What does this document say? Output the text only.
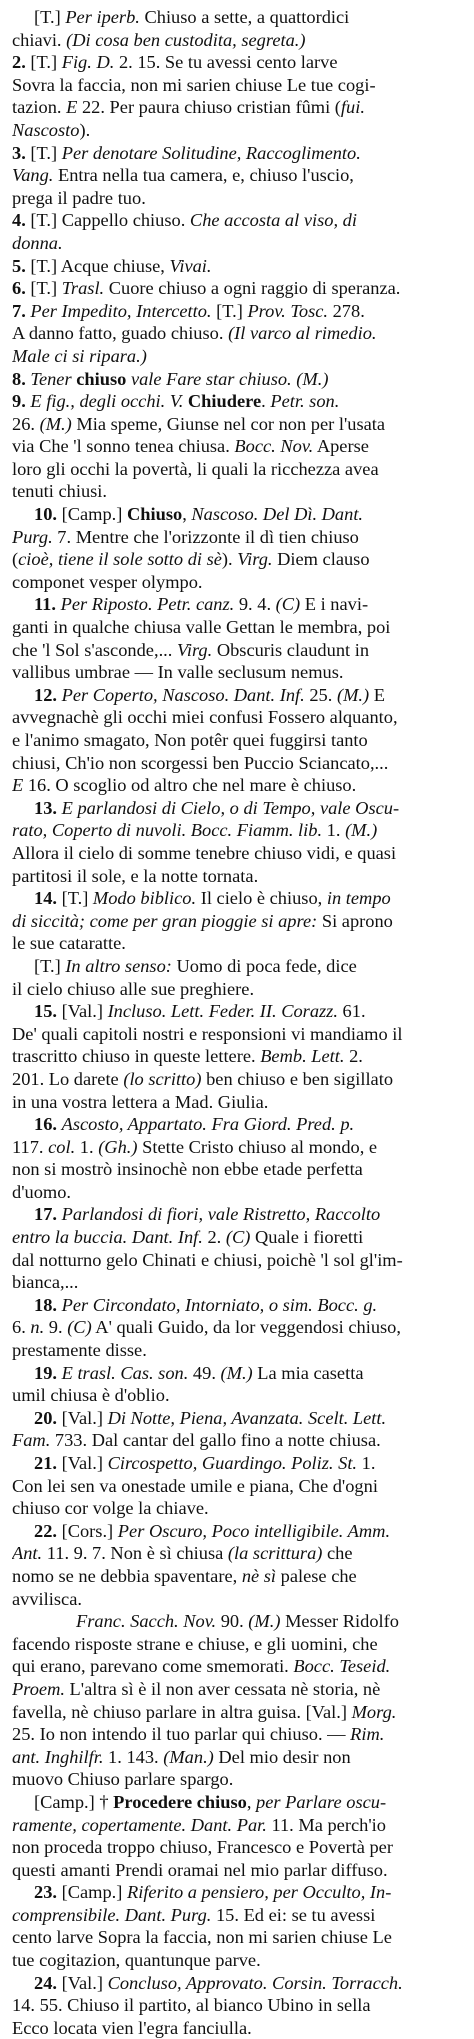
[T.] Per iperb. Chiuso a sette, a quattordici
chiavi. (Di cosa ben custodita, segreta.)
2. [T.] Fig. D. 2. 15. Se tu avessi cento larve
Sovra la faccia, non mi sarien chiuse Le tue cogi-
tazion. E 22. Per paura chiuso cristian fûmi (fui.
Nascosto).
3. [T.] Per denotare Solitudine, Raccoglimento.
Vang. Entra nella tua camera, e, chiuso l'uscio,
prega il padre tuo.
4. [T.] Cappello chiuso. Che accosta al viso, di
donna.
5. [T.] Acque chiuse, Vivai.
6. [T.] Trasl. Cuore chiuso a ogni raggio di speranza.
7. Per Impedito, Intercetto. [T.] Prov. Tosc. 278.
A danno fatto, guado chiuso. (Il varco al rimedio.
Male ci si ripara.)
8. Tener chiuso vale Fare star chiuso. (M.)
9. E fig., degli occhi. V. Chiudere. Petr. son.
26. (M.) Mia speme, Giunse nel cor non per l'usata
via Che 'l sonno tenea chiusa. Bocc. Nov. Aperse
loro gli occhi la povertà, li quali la ricchezza avea
tenuti chiusi.
10. [Camp.] Chiuso, Nascoso. Del Dì. Dant.
Purg. 7. Mentre che l'orizzonte il dì tien chiuso
(cioè, tiene il sole sotto di sè). Virg. Diem clauso
componet vesper olympo.
11. Per Riposto. Petr. canz. 9. 4. (C) E i navi-
ganti in qualche chiusa valle Gettan le membra, poi
che 'l Sol s'asconde,... Virg. Obscuris claudunt in
vallibus umbrae — In valle seclusum nemus.
12. Per Coperto, Nascoso. Dant. Inf. 25. (M.) E
avvegnachè gli occhi miei confusi Fossero alquanto,
e l'animo smagato, Non potêr quei fuggirsi tanto
chiusi, Ch'io non scorgessi ben Puccio Sciancato,...
E 16. O scoglio od altro che nel mare è chiuso.
13. E parlandosi di Cielo, o di Tempo, vale Oscu-
rato, Coperto di nuvoli. Bocc. Fiamm. lib. 1. (M.)
Allora il cielo di somme tenebre chiuso vidi, e quasi
partitosi il sole, e la notte tornata.
14. [T.] Modo biblico. Il cielo è chiuso, in tempo
di siccità; come per gran pioggie si apre: Si aprono
le sue cataratte.
[T.] In altro senso: Uomo di poca fede, dice
il cielo chiuso alle sue preghiere.
15. [Val.] Incluso. Lett. Feder. II. Corazz. 61.
De' quali capitoli nostri e responsioni vi mandiamo il
trascritto chiuso in queste lettere. Bemb. Lett. 2.
201. Lo darete (lo scritto) ben chiuso e ben sigillato
in una vostra lettera a Mad. Giulia.
16. Ascosto, Appartato. Fra Giord. Pred. p.
117. col. 1. (Gh.) Stette Cristo chiuso al mondo, e
non si mostrò insinochè non ebbe etade perfetta
d'uomo.
17. Parlandosi di fiori, vale Ristretto, Raccolto
entro la buccia. Dant. Inf. 2. (C) Quale i fioretti
dal notturno gelo Chinati e chiusi, poichè 'l sol gl'im-
bianca,...
18. Per Circondato, Intorniato, o sim. Bocc. g.
6. n. 9. (C) A' quali Guido, da lor veggendosi chiuso,
prestamente disse.
19. E trasl. Cas. son. 49. (M.) La mia casetta
umil chiusa è d'oblio.
20. [Val.] Di Notte, Piena, Avanzata. Scelt. Lett.
Fam. 733. Dal cantar del gallo fino a notte chiusa.
21. [Val.] Circospetto, Guardingo. Poliz. St. 1.
Con lei sen va onestade umile e piana, Che d'ogni
chiuso cor volge la chiave.
22. [Cors.] Per Oscuro, Poco intelligibile. Amm.
Ant. 11. 9. 7. Non è sì chiusa (la scrittura) che
nomo se ne debbia spaventare, nè sì palese che
avvilisca.
Franc. Sacch. Nov. 90. (M.) Messer Ridolfo
facendo risposte strane e chiuse, e gli uomini, che
qui erano, parevano come smemorati. Bocc. Teseid.
Proem. L'altra sì è il non aver cessata nè storia, nè
favella, nè chiuso parlare in altra guisa. [Val.] Morg.
25. Io non intendo il tuo parlar qui chiuso. — Rim.
ant. Inghilfr. 1. 143. (Man.) Del mio desir non
muovo Chiuso parlare spargo.
[Camp.] † Procedere chiuso, per Parlare oscu-
ramente, copertamente. Dant. Par. 11. Ma perch'io
non proceda troppo chiuso, Francesco e Povertà per
questi amanti Prendi oramai nel mio parlar diffuso.
23. [Camp.] Riferito a pensiero, per Occulto, In-
comprensibile. Dant. Purg. 15. Ed ei: se tu avessi
cento larve Sopra la faccia, non mi sarien chiuse Le
tue cogitazion, quantunque parve.
24. [Val.] Concluso, Approvato. Corsin. Torracch.
14. 55. Chiuso il partito, al bianco Ubino in sella
Ecco locata vien l'egra fanciulla.
